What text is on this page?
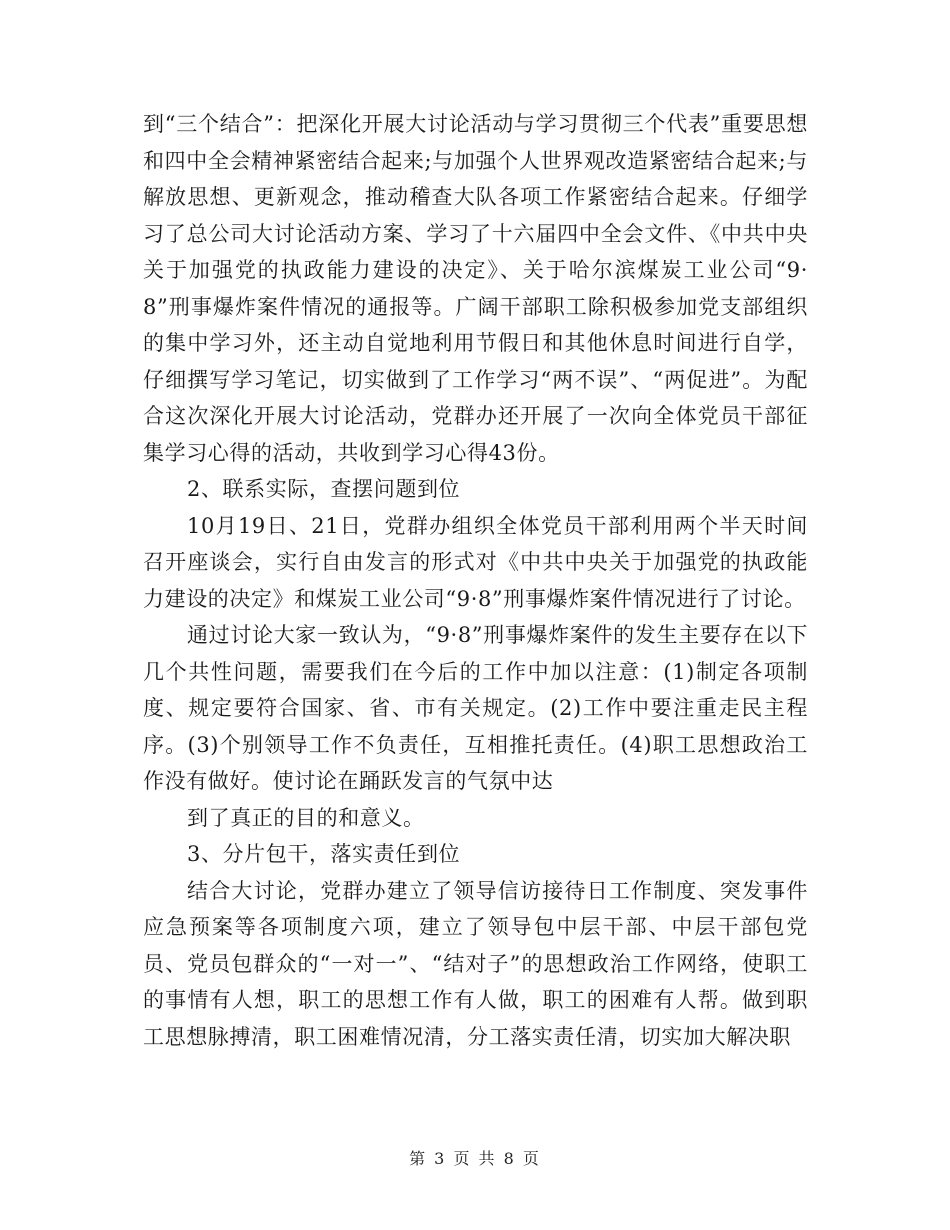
到“三个结合”：把深化开展大讨论活动与学习贯彻三个代表”重要思想和四中全会精神紧密结合起来;与加强个人世界观改造紧密结合起来;与解放思想、更新观念，推动稽查大队各项工作紧密结合起来。仔细学习了总公司大讨论活动方案、学习了十六届四中全会文件、《中共中央关于加强党的执政能力建设的决定》、关于哈尔滨煤炭工业公司“9·8”刑事爆炸案件情况的通报等。广阔干部职工除积极参加党支部组织的集中学习外，还主动自觉地利用节假日和其他休息时间进行自学，仔细撰写学习笔记，切实做到了工作学习“两不误”、“两促进”。为配合这次深化开展大讨论活动，党群办还开展了一次向全体党员干部征集学习心得的活动，共收到学习心得43份。

2、联系实际，查摆问题到位

10月19日、21日，党群办组织全体党员干部利用两个半天时间召开座谈会，实行自由发言的形式对《中共中央关于加强党的执政能力建设的决定》和煤炭工业公司“9·8”刑事爆炸案件情况进行了讨论。

通过讨论大家一致认为，“9·8”刑事爆炸案件的发生主要存在以下几个共性问题，需要我们在今后的工作中加以注意：(1)制定各项制度、规定要符合国家、省、市有关规定。(2)工作中要注重走民主程序。(3)个别领导工作不负责任，互相推托责任。(4)职工思想政治工作没有做好。使讨论在踊跃发言的气氛中达

到了真正的目的和意义。

3、分片包干，落实责任到位

结合大讨论，党群办建立了领导信访接待日工作制度、突发事件应急预案等各项制度六项，建立了领导包中层干部、中层干部包党员、党员包群众的“一对一”、“结对子”的思想政治工作网络，使职工的事情有人想，职工的思想工作有人做，职工的困难有人帮。做到职工思想脉搏清，职工困难情况清，分工落实责任清，切实加大解决职

第 3 页 共 8 页
